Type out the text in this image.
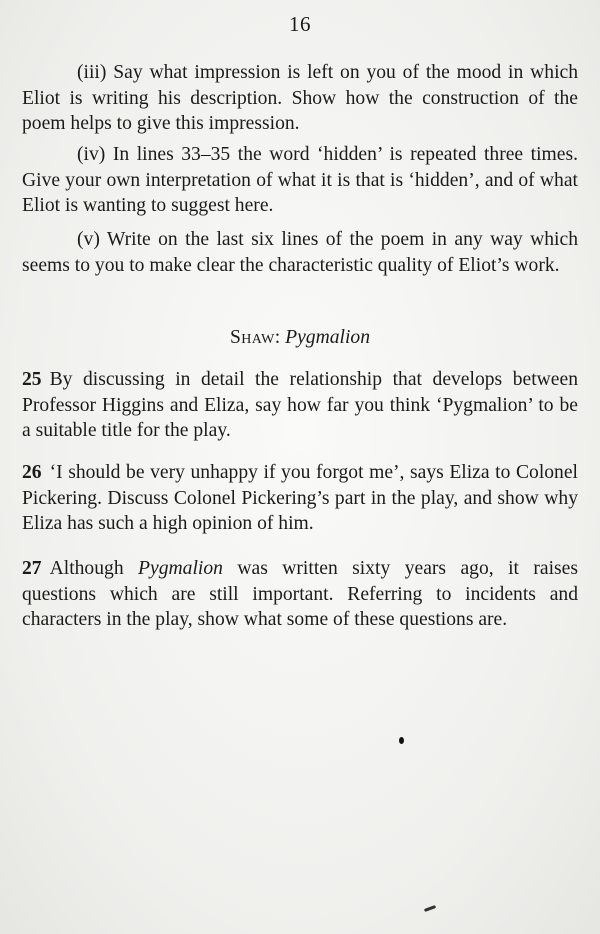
16

(iii) Say what impression is left on you of the mood in which Eliot is writing his description. Show how the construction of the poem helps to give this impression.

(iv) In lines 33–35 the word ‘hidden’ is repeated three times. Give your own interpretation of what it is that is ‘hidden’, and of what Eliot is wanting to suggest here.

(v) Write on the last six lines of the poem in any way which seems to you to make clear the characteristic quality of Eliot’s work.

Shaw: Pygmalion

25 By discussing in detail the relationship that develops between Professor Higgins and Eliza, say how far you think ‘Pygmalion’ to be a suitable title for the play.

26 ‘I should be very unhappy if you forgot me’, says Eliza to Colonel Pickering. Discuss Colonel Pickering’s part in the play, and show why Eliza has such a high opinion of him.

27 Although Pygmalion was written sixty years ago, it raises questions which are still important. Referring to incidents and characters in the play, show what some of these questions are.
